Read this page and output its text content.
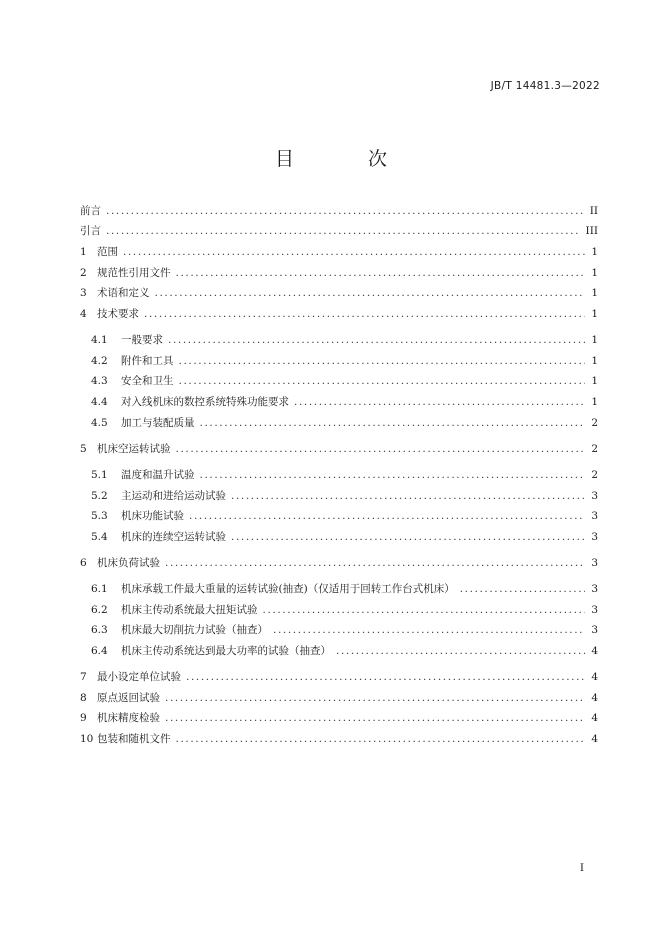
JB/T 14481.3—2022
目 次
前言 .....	II
引言 .....	III
1 范围 .....	1
2 规范性引用文件 .....	1
3 术语和定义 .....	1
4 技术要求 .....	1
4.1	一般要求 .....	1
4.2	附件和工具 .....	1
4.3	安全和卫生 .....	1
4.4	对入线机床的数控系统特殊功能要求 .....	1
4.5	加工与装配质量 .....	2
5 机床空运转试验 .....	2
5.1	温度和温升试验 .....	2
5.2	主运动和进给运动试验 .....	3
5.3	机床功能试验 .....	3
5.4	机床的连续空运转试验 .....	3
6 机床负荷试验 .....	3
6.1	机床承载工件最大重量的运转试验(抽查)（仅适用于回转工作台式机床） .....	3
6.2	机床主传动系统最大扭矩试验 .....	3
6.3	机床最大切削抗力试验（抽查） .....	3
6.4	机床主传动系统达到最大功率的试验（抽查） .....	4
7 最小设定单位试验 .....	4
8 原点返回试验 .....	4
9 机床精度检验 .....	4
10 包装和随机文件 .....	4
I
